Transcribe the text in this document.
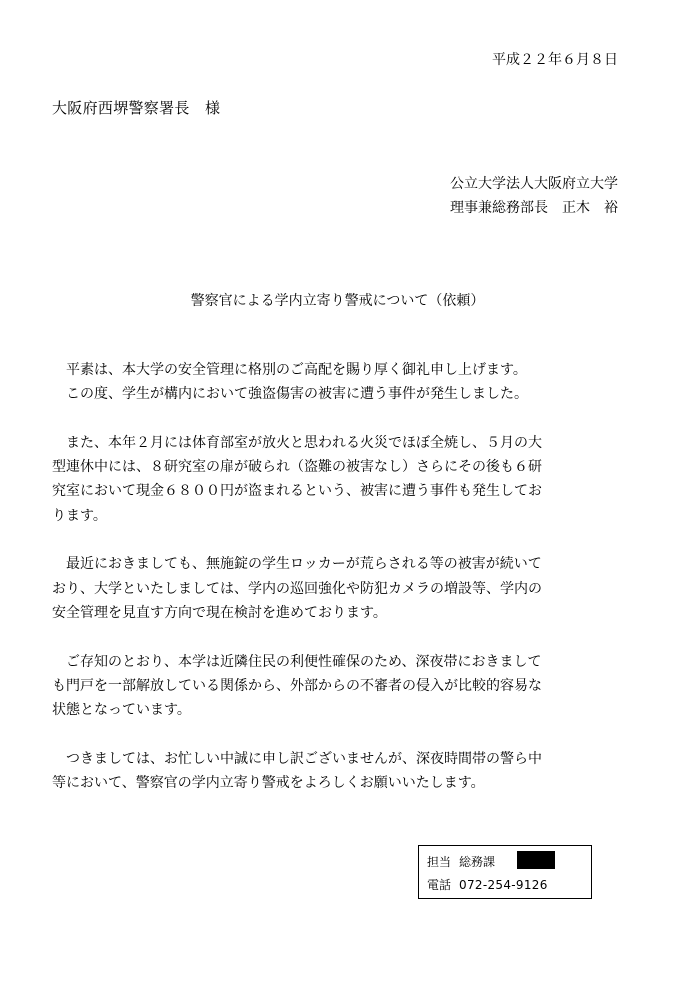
平成２２年６月８日
大阪府西堺警察署長　様
公立大学法人大阪府立大学
理事兼総務部長　正木　裕
警察官による学内立寄り警戒について（依頼）

　平素は、本大学の安全管理に格別のご高配を賜り厚く御礼申し上げます。

　この度、学生が構内において強盗傷害の被害に遭う事件が発生しました。

　また、本年２月には体育部室が放火と思われる火災でほぼ全焼し、５月の大

型連休中には、８研究室の扉が破られ（盗難の被害なし）さらにその後も６研

究室において現金６８００円が盗まれるという、被害に遭う事件も発生してお

ります。

　最近におきましても、無施錠の学生ロッカーが荒らされる等の被害が続いて

おり、大学といたしましては、学内の巡回強化や防犯カメラの増設等、学内の

安全管理を見直す方向で現在検討を進めております。

　ご存知のとおり、本学は近隣住民の利便性確保のため、深夜帯におきまして

も門戸を一部解放している関係から、外部からの不審者の侵入が比較的容易な

状態となっています。

　つきましては、お忙しい中誠に申し訳ございませんが、深夜時間帯の警ら中

等において、警察官の学内立寄り警戒をよろしくお願いいたします。

担当 総務課
電話 072-254-9126
